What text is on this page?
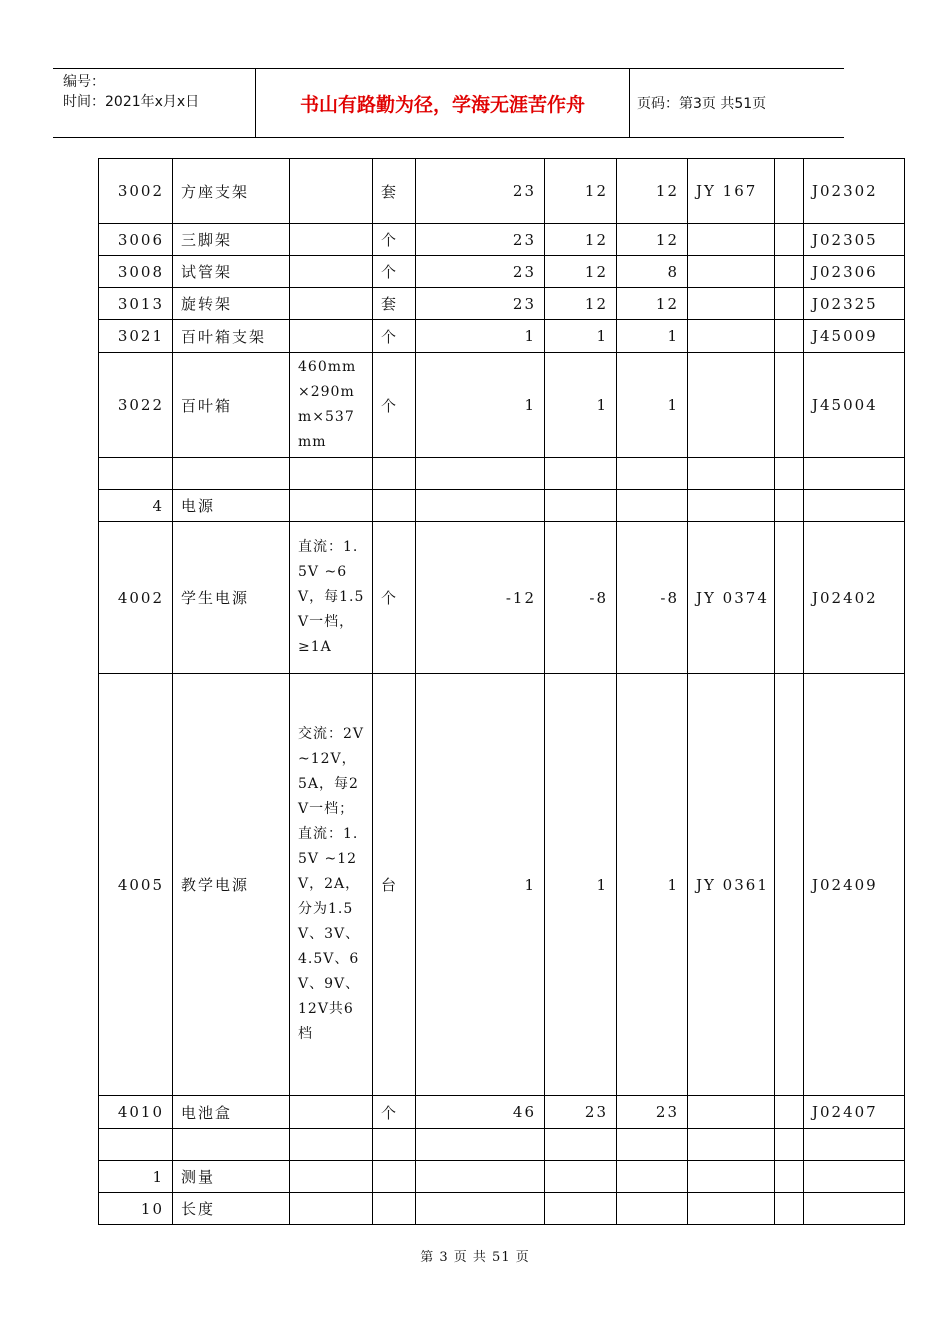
编号：
时间：2021年x月x日	书山有路勤为径，学海无涯苦作舟	页码：第3页 共51页
3002	方座支架		套	23	12	12	JY 167		J02302
3006	三脚架		个	23	12	12			J02305
3008	试管架		个	23	12	8			J02306
3013	旋转架		套	23	12	12			J02325
3021	百叶箱支架		个	1	1	1			J45009
3022	百叶箱	460mm×290mm×537mm	个	1	1	1			J45004

4	电源								
4002	学生电源	直流：1.5V ~6V，每1.5V一档，≥1A	个	-12	-8	-8	JY 0374		J02402
4005	教学电源	交流：2V ~12V，5A，每2V一档；直流：1.5V ~12V，2A，分为1.5V、3V、4.5V、6V、9V、12V共6档	台	1	1	1	JY 0361		J02409
4010	电池盒		个	46	23	23			J02407

1	测量								
10	长度								
第 3 页 共 51 页
